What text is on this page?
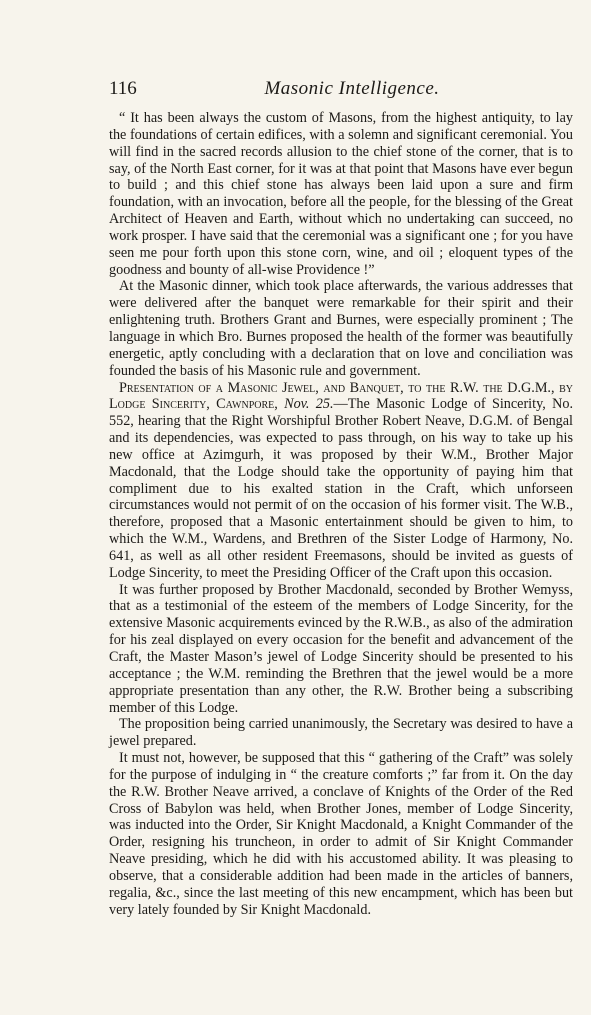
116	Masonic Intelligence.

“ It has been always the custom of Masons, from the highest antiquity, to lay the foundations of certain edifices, with a solemn and significant ceremonial. You will find in the sacred records allusion to the chief stone of the corner, that is to say, of the North East corner, for it was at that point that Masons have ever begun to build ; and this chief stone has always been laid upon a sure and firm foundation, with an invocation, before all the people, for the blessing of the Great Architect of Heaven and Earth, without which no undertaking can succeed, no work prosper. I have said that the ceremonial was a significant one ; for you have seen me pour forth upon this stone corn, wine, and oil ; eloquent types of the goodness and bounty of all-wise Providence !”

At the Masonic dinner, which took place afterwards, the various addresses that were delivered after the banquet were remarkable for their spirit and their enlightening truth. Brothers Grant and Burnes, were especially prominent ; The language in which Bro. Burnes proposed the health of the former was beautifully energetic, aptly concluding with a declaration that on love and conciliation was founded the basis of his Masonic rule and government.

Presentation of a Masonic Jewel, and Banquet, to the R.W. the D.G.M., by Lodge Sincerity, Cawnpore, Nov. 25.—The Masonic Lodge of Sincerity, No. 552, hearing that the Right Worshipful Brother Robert Neave, D.G.M. of Bengal and its dependencies, was expected to pass through, on his way to take up his new office at Azimgurh, it was proposed by their W.M., Brother Major Macdonald, that the Lodge should take the opportunity of paying him that compliment due to his exalted station in the Craft, which unforseen circumstances would not permit of on the occasion of his former visit. The W.B., therefore, proposed that a Masonic entertainment should be given to him, to which the W.M., Wardens, and Brethren of the Sister Lodge of Harmony, No. 641, as well as all other resident Freemasons, should be invited as guests of Lodge Sincerity, to meet the Presiding Officer of the Craft upon this occasion.

It was further proposed by Brother Macdonald, seconded by Brother Wemyss, that as a testimonial of the esteem of the members of Lodge Sincerity, for the extensive Masonic acquirements evinced by the R.W.B., as also of the admiration for his zeal displayed on every occasion for the benefit and advancement of the Craft, the Master Mason’s jewel of Lodge Sincerity should be presented to his acceptance ; the W.M. reminding the Brethren that the jewel would be a more appropriate presentation than any other, the R.W. Brother being a subscribing member of this Lodge.

The proposition being carried unanimously, the Secretary was desired to have a jewel prepared.

It must not, however, be supposed that this “ gathering of the Craft” was solely for the purpose of indulging in “ the creature comforts ;” far from it. On the day the R.W. Brother Neave arrived, a conclave of Knights of the Order of the Red Cross of Babylon was held, when Brother Jones, member of Lodge Sincerity, was inducted into the Order, Sir Knight Macdonald, a Knight Commander of the Order, resigning his truncheon, in order to admit of Sir Knight Commander Neave presiding, which he did with his accustomed ability. It was pleasing to observe, that a considerable addition had been made in the articles of banners, regalia, &c., since the last meeting of this new encampment, which has been but very lately founded by Sir Knight Macdonald.
